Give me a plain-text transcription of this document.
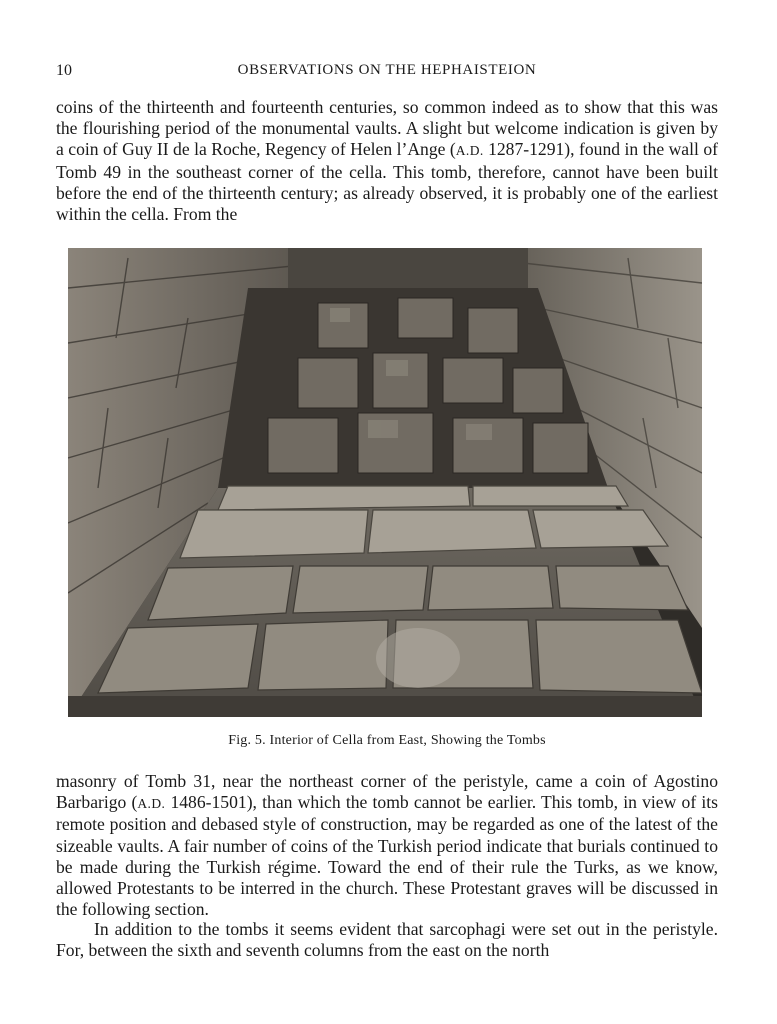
10	OBSERVATIONS ON THE HEPHAISTEION

coins of the thirteenth and fourteenth centuries, so common indeed as to show that this was the flourishing period of the monumental vaults. A slight but welcome indication is given by a coin of Guy II de la Roche, Regency of Helen l’Ange (A.D. 1287-1291), found in the wall of Tomb 49 in the southeast corner of the cella. This tomb, therefore, cannot have been built before the end of the thirteenth century; as already observed, it is probably one of the earliest within the cella. From the

Fig. 5. Interior of Cella from East, Showing the Tombs

masonry of Tomb 31, near the northeast corner of the peristyle, came a coin of Agostino Barbarigo (A.D. 1486-1501), than which the tomb cannot be earlier. This tomb, in view of its remote position and debased style of construction, may be regarded as one of the latest of the sizeable vaults. A fair number of coins of the Turkish period indicate that burials continued to be made during the Turkish régime. Toward the end of their rule the Turks, as we know, allowed Protestants to be interred in the church. These Protestant graves will be discussed in the following section.

In addition to the tombs it seems evident that sarcophagi were set out in the peristyle. For, between the sixth and seventh columns from the east on the north
